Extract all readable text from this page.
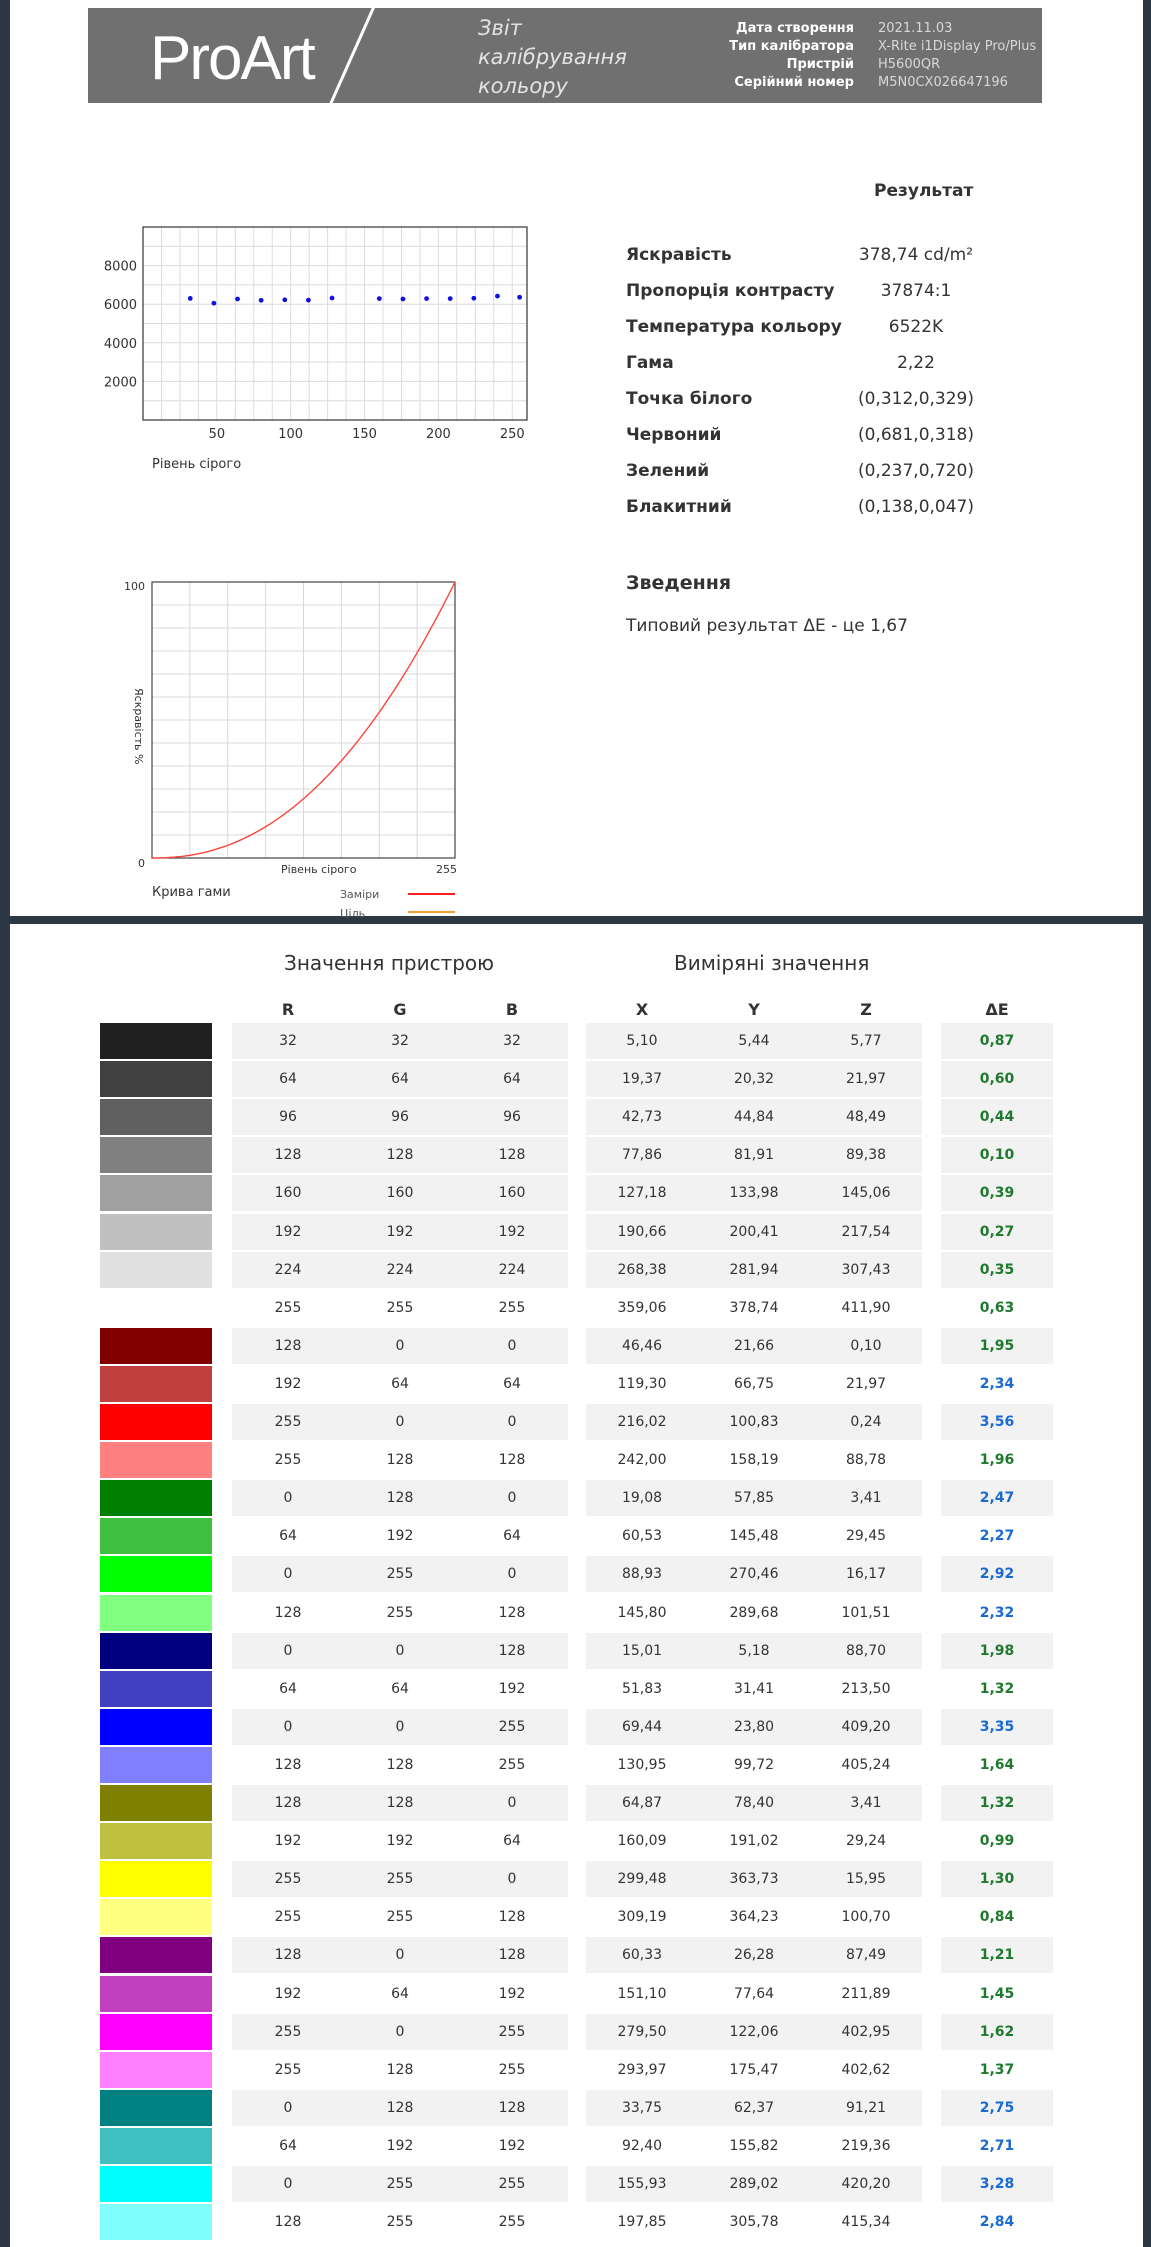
ProArt	Звіт калібрування кольору
Дата створення 2021.11.03
Тип калібратора X-Rite i1Display Pro/Plus
Пристрій H5600QR
Серійний номер M5N0CX026647196
Результат
Яскравість	378,74 cd/m²
Пропорція контрасту	37874:1
Температура кольору	6522K
Гама	2,22
Точка білого	(0,312,0,329)
Червоний	(0,681,0,318)
Зелений	(0,237,0,720)
Блакитний	(0,138,0,047)
Зведення
Типовий результат ΔE - це 1,67
50	100	150	200	250
2000
4000
6000
8000
Рівень сірого
100
0	255
Рівень сірого
Яскравість %
Крива гами	Заміри
Ціль
Значення пристрою	Виміряні значення
R	G	B	X	Y	Z	ΔE
32	32	32	5,10	5,44	5,77	0,87
64	64	64	19,37	20,32	21,97	0,60
96	96	96	42,73	44,84	48,49	0,44
128	128	128	77,86	81,91	89,38	0,10
160	160	160	127,18	133,98	145,06	0,39
192	192	192	190,66	200,41	217,54	0,27
224	224	224	268,38	281,94	307,43	0,35
255	255	255	359,06	378,74	411,90	0,63
128	0	0	46,46	21,66	0,10	1,95
192	64	64	119,30	66,75	21,97	2,34
255	0	0	216,02	100,83	0,24	3,56
255	128	128	242,00	158,19	88,78	1,96
0	128	0	19,08	57,85	3,41	2,47
64	192	64	60,53	145,48	29,45	2,27
0	255	0	88,93	270,46	16,17	2,92
128	255	128	145,80	289,68	101,51	2,32
0	0	128	15,01	5,18	88,70	1,98
64	64	192	51,83	31,41	213,50	1,32
0	0	255	69,44	23,80	409,20	3,35
128	128	255	130,95	99,72	405,24	1,64
128	128	0	64,87	78,40	3,41	1,32
192	192	64	160,09	191,02	29,24	0,99
255	255	0	299,48	363,73	15,95	1,30
255	255	128	309,19	364,23	100,70	0,84
128	0	128	60,33	26,28	87,49	1,21
192	64	192	151,10	77,64	211,89	1,45
255	0	255	279,50	122,06	402,95	1,62
255	128	255	293,97	175,47	402,62	1,37
0	128	128	33,75	62,37	91,21	2,75
64	192	192	92,40	155,82	219,36	2,71
0	255	255	155,93	289,02	420,20	3,28
128	255	255	197,85	305,78	415,34	2,84
